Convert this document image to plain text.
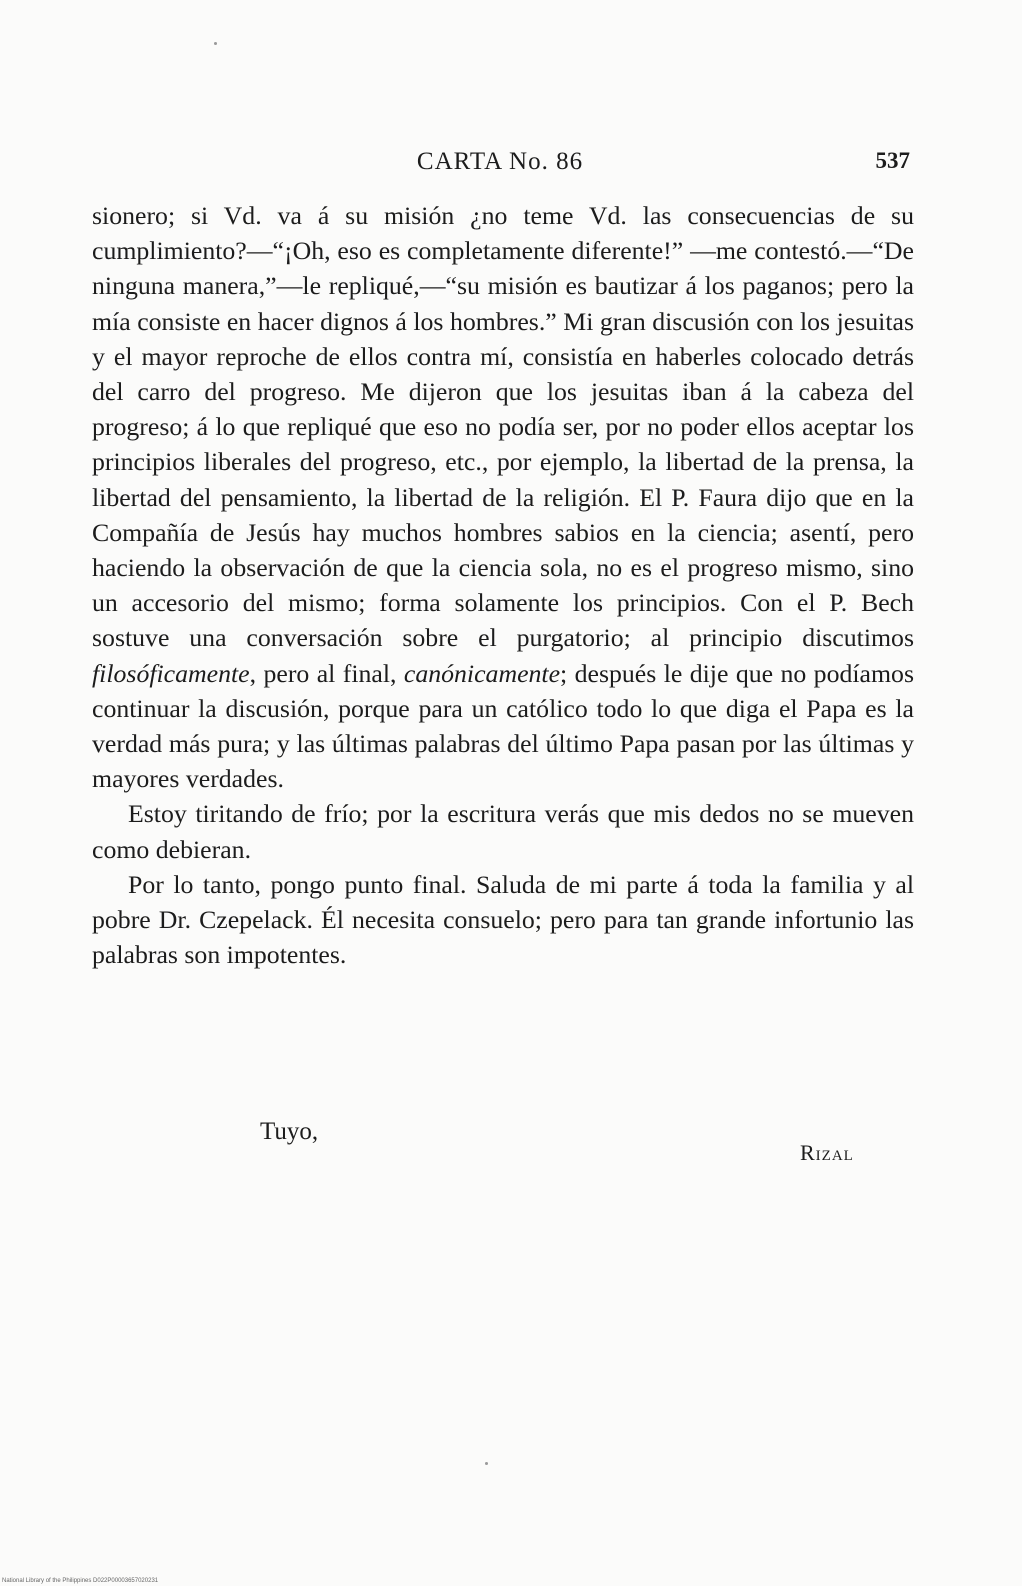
CARTA No. 86	537

sionero; si Vd. va á su misión ¿no teme Vd. las consecuencias de su cumplimiento?—“¡Oh, eso es completamente diferente!” —me contestó.—“De ninguna manera,”—le repliqué,—“su misión es bautizar á los paganos; pero la mía consiste en hacer dignos á los hombres.” Mi gran discusión con los jesuitas y el mayor reproche de ellos contra mí, consistía en haberles colocado detrás del carro del progreso. Me dijeron que los jesuitas iban á la cabeza del progreso; á lo que repliqué que eso no podía ser, por no poder ellos aceptar los principios liberales del progreso, etc., por ejemplo, la libertad de la prensa, la libertad del pensamiento, la libertad de la religión. El P. Faura dijo que en la Compañía de Jesús hay muchos hombres sabios en la ciencia; asentí, pero haciendo la observación de que la ciencia sola, no es el progreso mismo, sino un accesorio del mismo; forma solamente los principios. Con el P. Bech sostuve una conversación sobre el purgatorio; al principio discutimos filosóficamente, pero al final, canónicamente; después le dije que no podíamos continuar la discusión, porque para un católico todo lo que diga el Papa es la verdad más pura; y las últimas palabras del último Papa pasan por las últimas y mayores verdades.

Estoy tiritando de frío; por la escritura verás que mis dedos no se mueven como debieran.

Por lo tanto, pongo punto final. Saluda de mi parte á toda la familia y al pobre Dr. Czepelack. Él necesita consuelo; pero para tan grande infortunio las palabras son impotentes.

Tuyo,
Rizal
National Library of the Philippines D022P00003657020231
